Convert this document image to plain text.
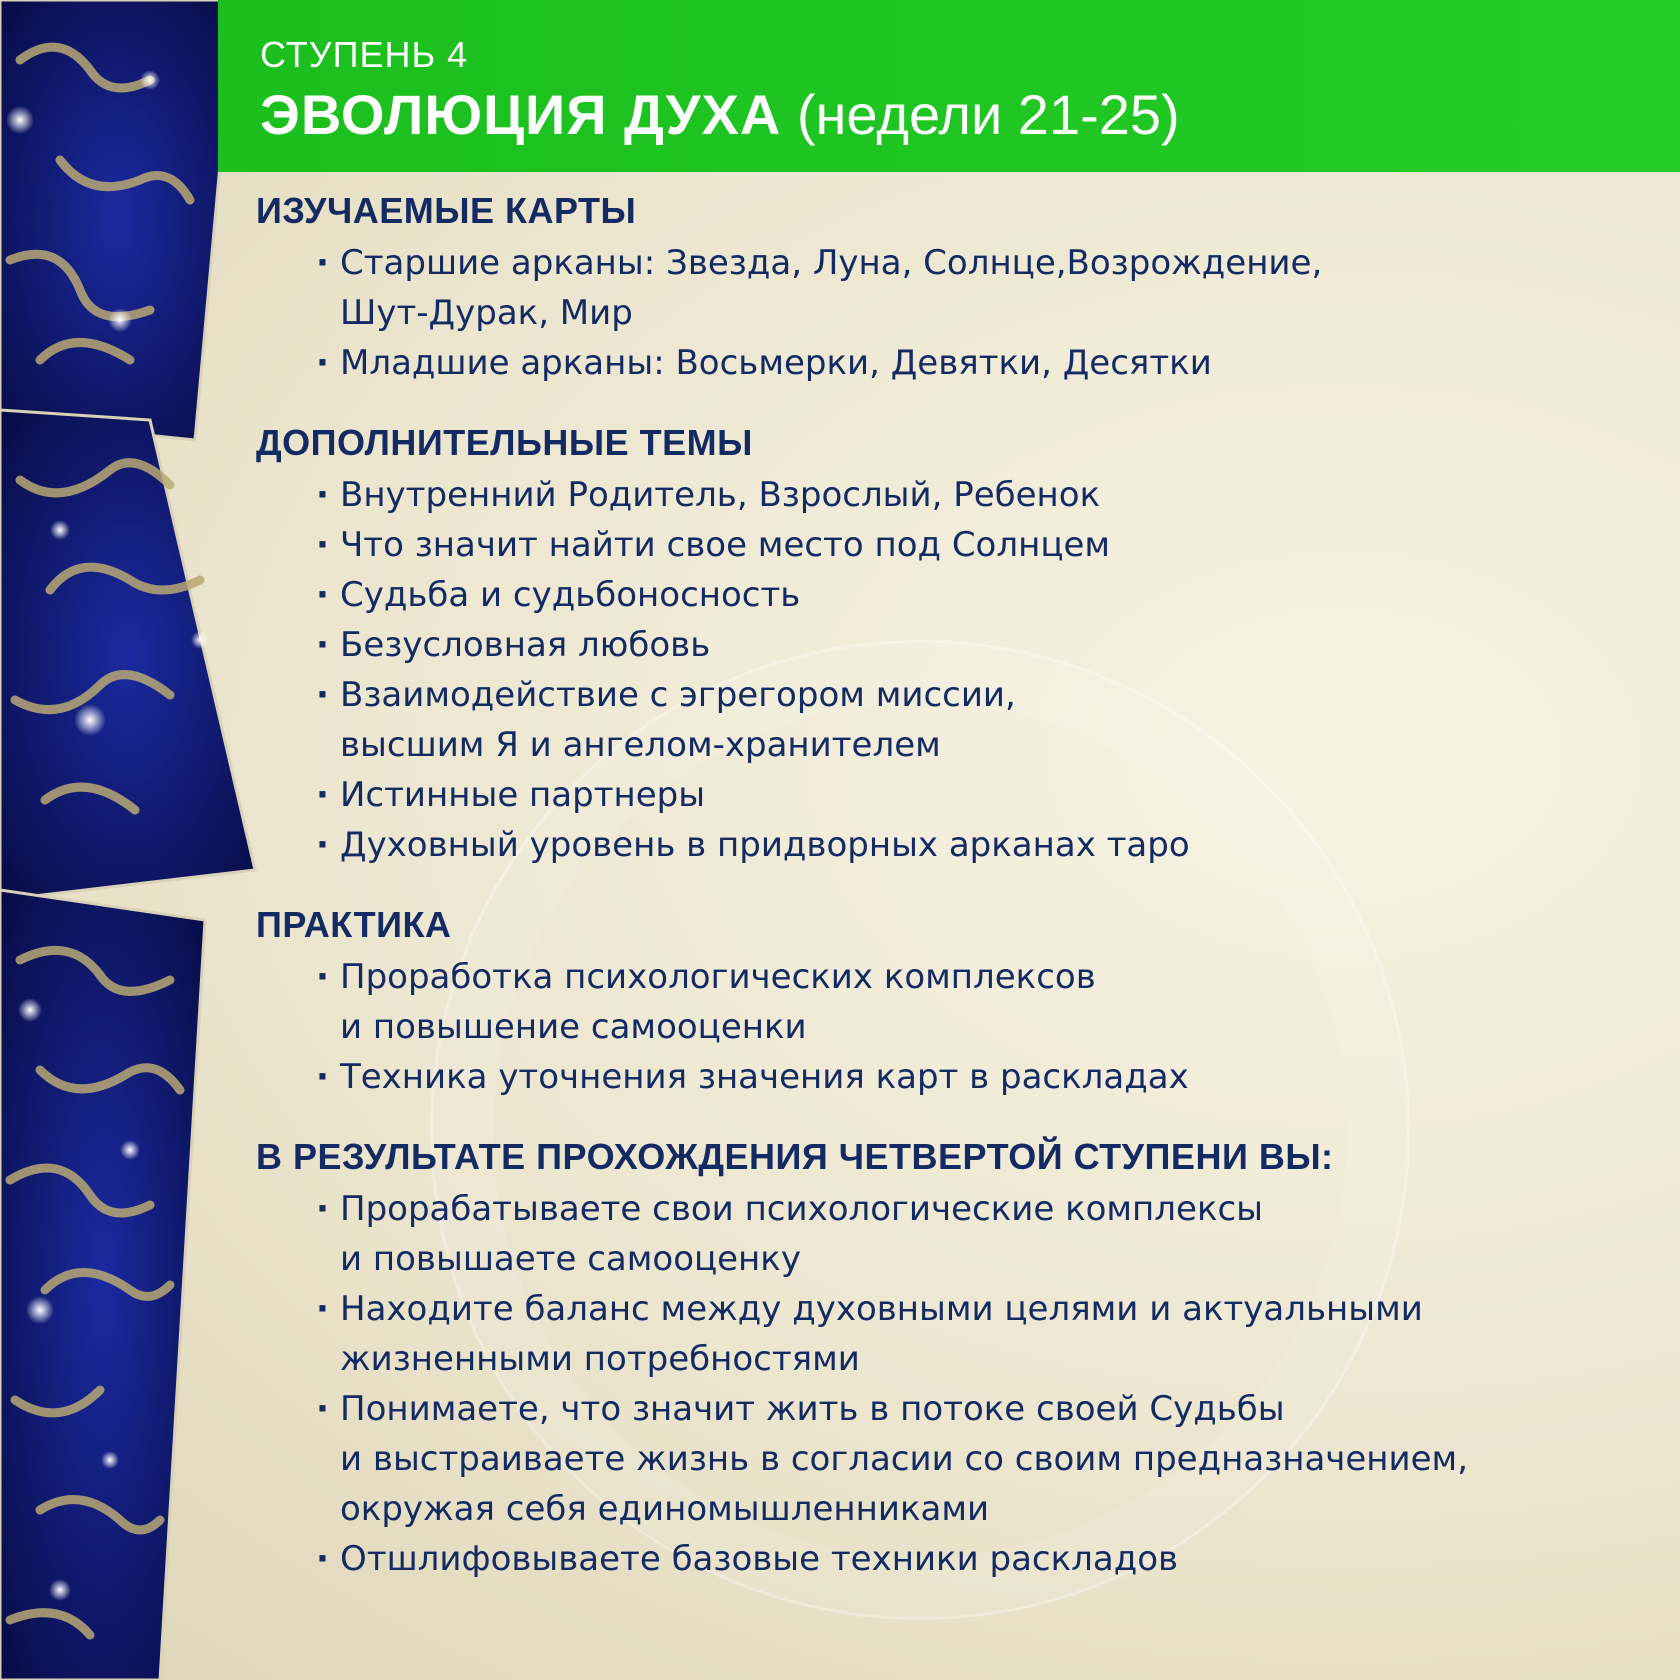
СТУПЕНЬ 4
ЭВОЛЮЦИЯ ДУХА (недели 21-25)
ИЗУЧАЕМЫЕ КАРТЫ
· Старшие арканы: Звезда, Луна, Солнце,Возрождение,
Шут-Дурак, Мир
· Младшие арканы: Восьмерки, Девятки, Десятки
ДОПОЛНИТЕЛЬНЫЕ ТЕМЫ
· Внутренний Родитель, Взрослый, Ребенок
· Что значит найти свое место под Солнцем
· Судьба и судьбоносность
· Безусловная любовь
· Взаимодействие с эгрегором миссии,
высшим Я и ангелом-хранителем
· Истинные партнеры
· Духовный уровень в придворных арканах таро
ПРАКТИКА
· Проработка психологических комплексов
и повышение самооценки
· Техника уточнения значения карт в раскладах
В РЕЗУЛЬТАТЕ ПРОХОЖДЕНИЯ ЧЕТВЕРТОЙ СТУПЕНИ ВЫ:
· Прорабатываете свои психологические комплексы
и повышаете самооценку
· Находите баланс между духовными целями и актуальными
жизненными потребностями
· Понимаете, что значит жить в потоке своей Судьбы
и выстраиваете жизнь в согласии со своим предназначением,
окружая себя единомышленниками
· Отшлифовываете базовые техники раскладов
